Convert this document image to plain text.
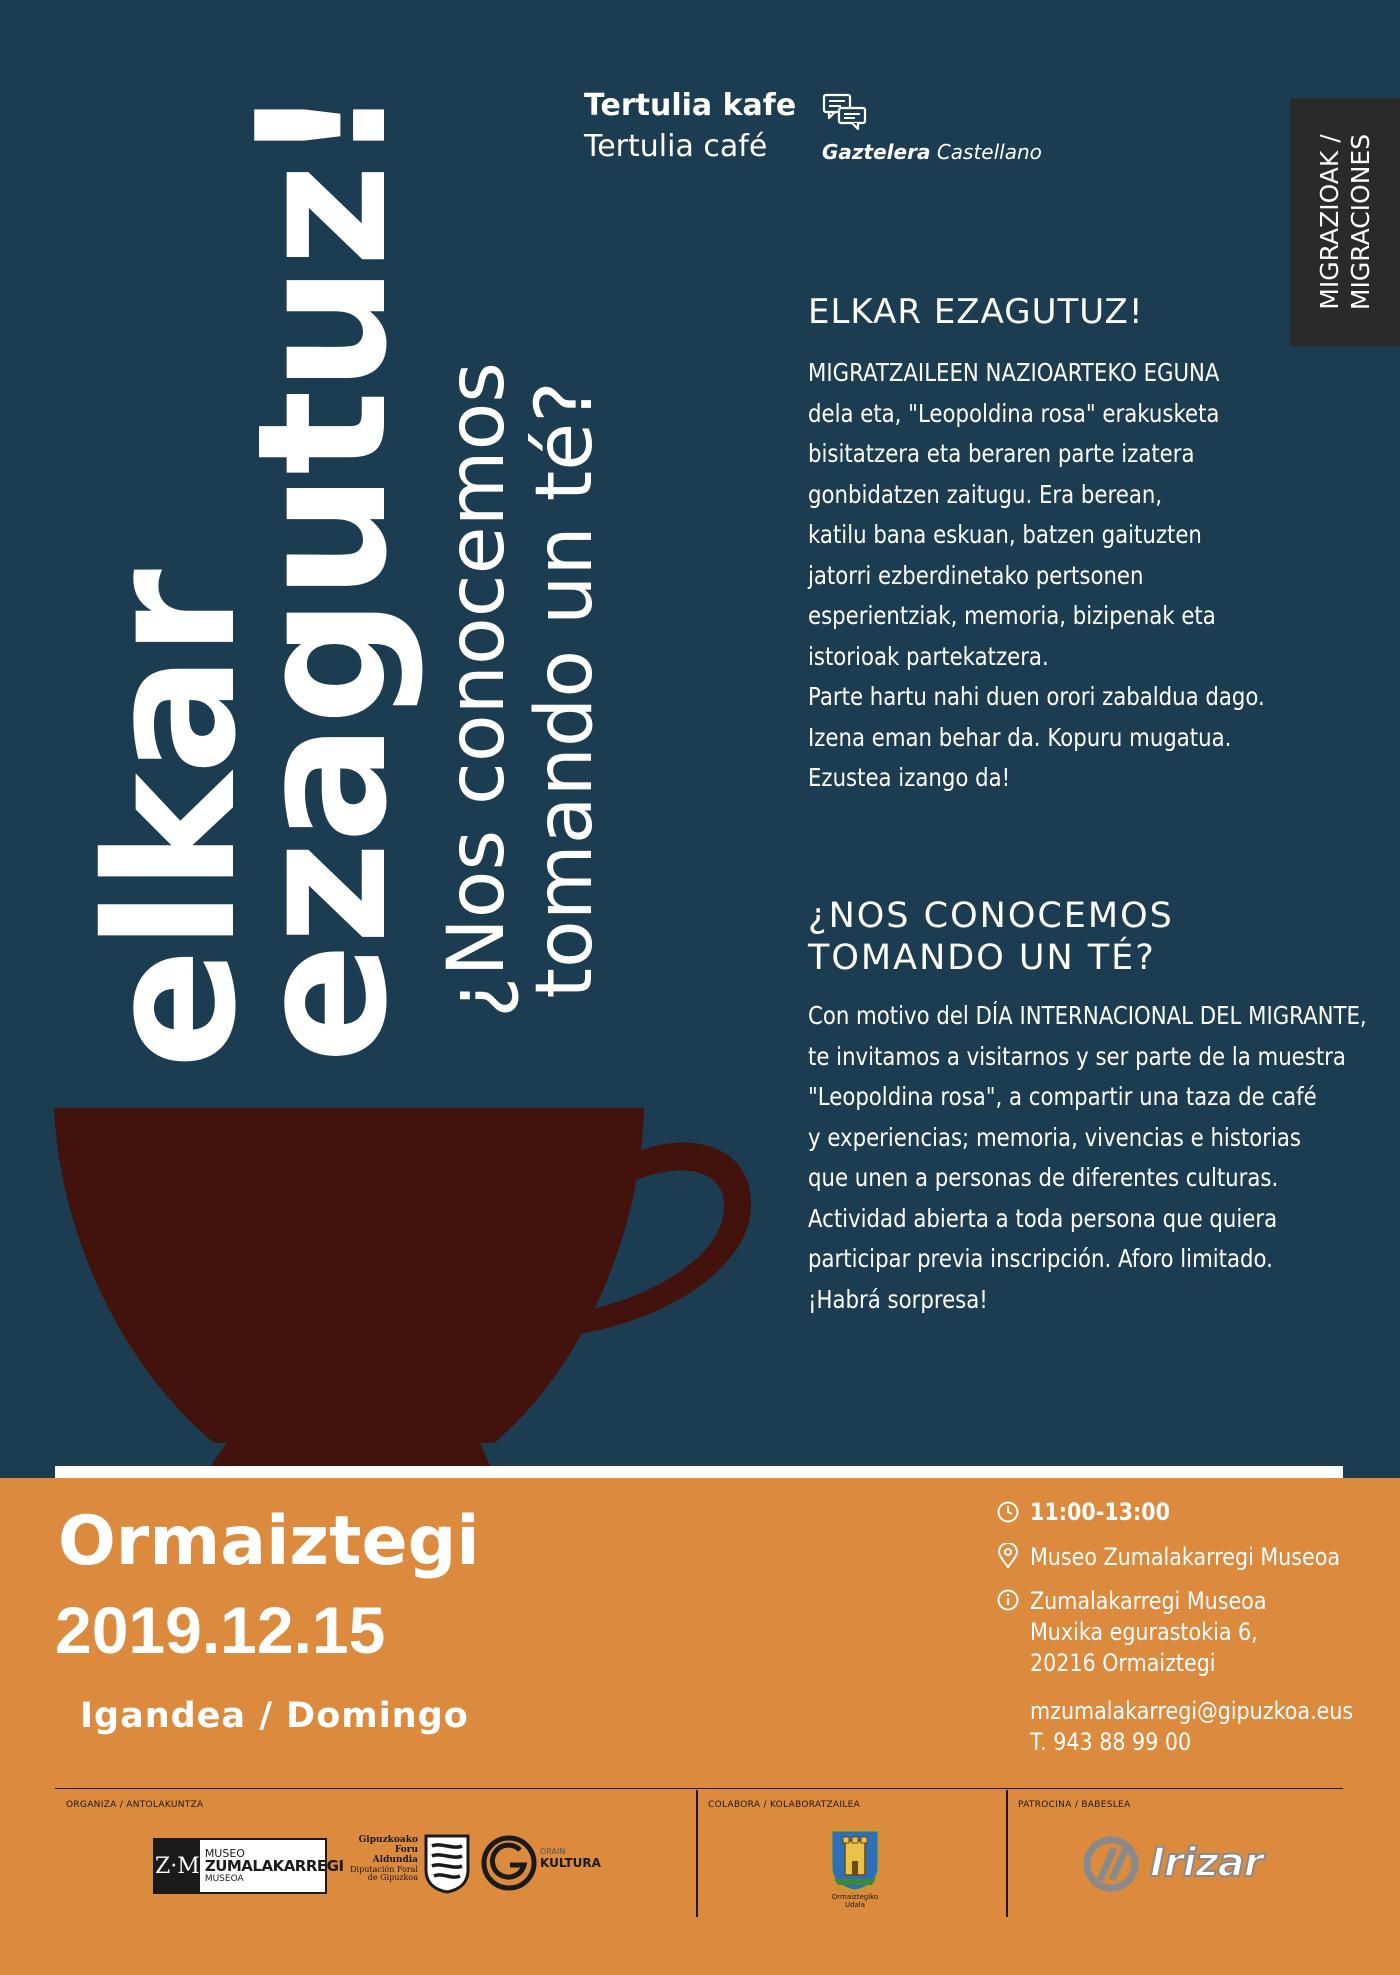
elkar
ezagutuz! ¿Nos conocemos
tomando un té?
Tertulia kafe
Tertulia café	Gaztelera Castellano	MIGRAZIOAK / MIGRACIONES
ELKAR EZAGUTUZ!
MIGRATZAILEEN NAZIOARTEKO EGUNA
dela eta, "Leopoldina rosa" erakusketa
bisitatzera eta beraren parte izatera
gonbidatzen zaitugu. Era berean,
katilu bana eskuan, batzen gaituzten
jatorri ezberdinetako pertsonen
esperientziak, memoria, bizipenak eta
istorioak partekatzera.
Parte hartu nahi duen orori zabaldua dago.
Izena eman behar da. Kopuru mugatua.
Ezustea izango da!
¿NOS CONOCEMOS
TOMANDO UN TÉ?
Con motivo del DÍA INTERNACIONAL DEL MIGRANTE,
te invitamos a visitarnos y ser parte de la muestra
"Leopoldina rosa", a compartir una taza de café
y experiencias; memoria, vivencias e historias
que unen a personas de diferentes culturas.
Actividad abierta a toda persona que quiera
participar previa inscripción. Aforo limitado.
¡Habrá sorpresa!
Ormaiztegi
2019.12.15
Igandea / Domingo
11:00-13:00
Museo Zumalakarregi Museoa
Zumalakarregi Museoa
Muxika egurastokia 6,
20216 Ormaiztegi
mzumalakarregi@gipuzkoa.eus
T. 943 88 99 00
ORGANIZA / ANTOLAKUNTZA	COLABORA / KOLABORATZAILEA	PATROCINA / BABESLEA
Z·M
MUSEO
ZUMALAKARREGI
MUSEOA
Gipuzkoako
Foru Aldundia
Diputación Foral
de Gipuzkoa
ORAIN
KULTURA
Ormaiztegiko
Udala
Irizar
